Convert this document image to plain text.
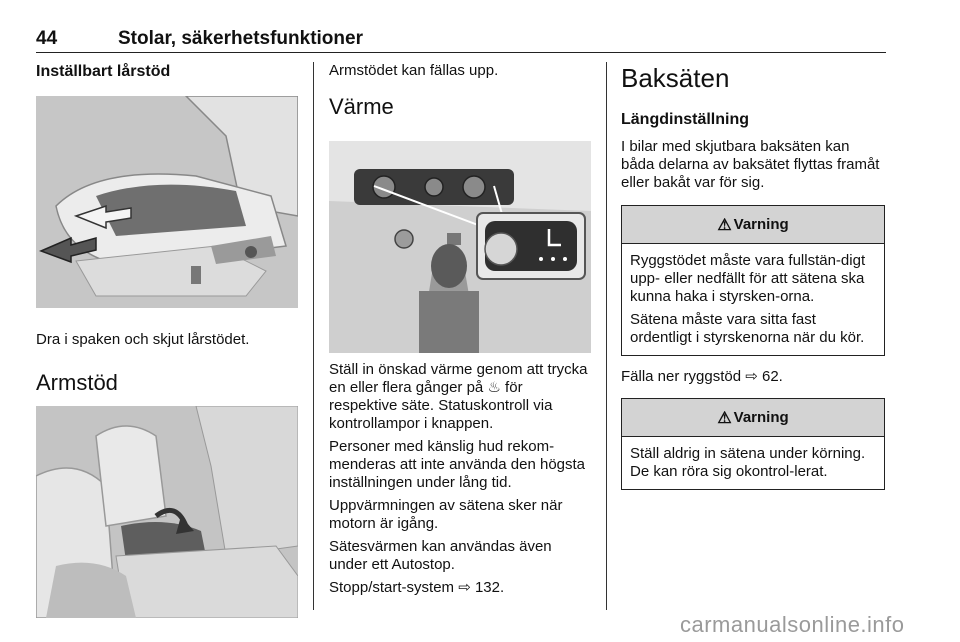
44	Stolar, säkerhetsfunktioner
Inställbart lårstöd

Dra i spaken och skjut lårstödet.

Armstöd

Armstödet kan fällas upp.

Värme

Ställ in önskad värme genom att trycka en eller flera gånger på ♨ för respektive säte. Statuskontroll via kontrollampor i knappen.

Personer med känslig hud rekom-menderas att inte använda den högsta inställningen under lång tid.

Uppvärmningen av sätena sker när motorn är igång.

Sätesvärmen kan användas även under ett Autostop.

Stopp/start-system ⇨ 132.

Baksäten
Längdinställning

I bilar med skjutbara baksäten kan båda delarna av baksätet flyttas framåt eller bakåt var för sig.

⚠ Varning

Ryggstödet måste vara fullstän-digt upp- eller nedfällt för att sätena ska kunna haka i styrsken-orna.

Sätena måste vara sitta fast ordentligt i styrskenorna när du kör.

Fälla ner ryggstöd ⇨ 62.

⚠ Varning

Ställ aldrig in sätena under körning. De kan röra sig okontrol-lerat.

carmanualsonline.info
